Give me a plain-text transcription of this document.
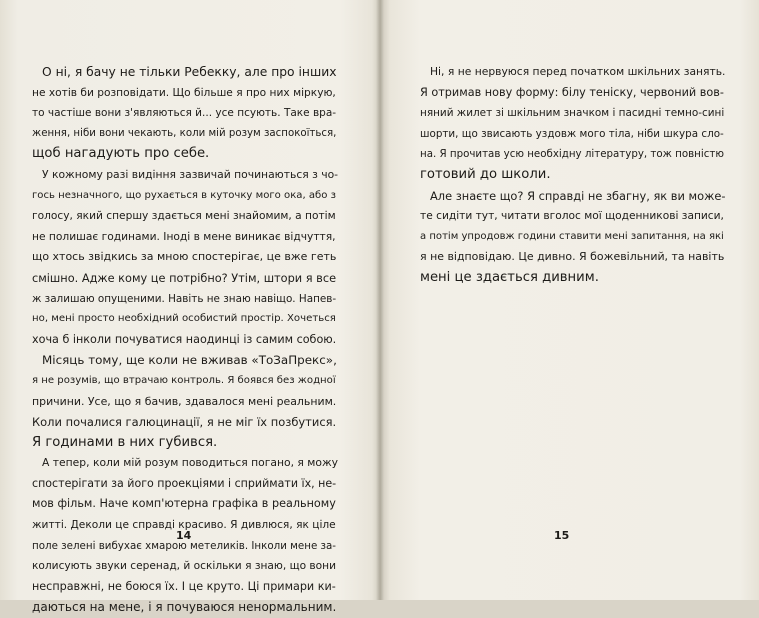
О ні, я бачу не тільки Ребекку, але про інших
не хотів би розповідати. Що більше я про них міркую,
то частіше вони з'являються й... усе псують. Таке вра-
ження, ніби вони чекають, коли мій розум заспокоїться,
щоб нагадують про себе.
У кожному разі видіння зазвичай починаються з чо-
гось незначного, що рухається в куточку мого ока, або з
голосу, який спершу здається мені знайомим, а потім
не полишає годинами. Іноді в мене виникає відчуття,
що хтось звідкись за мною спостерігає, це вже геть
смішно. Адже кому це потрібно? Утім, штори я все
ж залишаю опущеними. Навіть не знаю навіщо. Напев-
но, мені просто необхідний особистий простір. Хочеться
хоча б інколи почуватися наодинці із самим собою.
Місяць тому, ще коли не вживав «ТоЗаПрекс»,
я не розумів, що втрачаю контроль. Я боявся без жодної
причини. Усе, що я бачив, здавалося мені реальним.
Коли почалися галюцинації, я не міг їх позбутися.
Я годинами в них губився.
А тепер, коли мій розум поводиться погано, я можу
спостерігати за його проекціями і сприймати їх, не-
мов фільм. Наче комп'ютерна графіка в реальному
житті. Деколи це справді красиво. Я дивлюся, як ціле
поле зелені вибухає хмарою метеликів. Інколи мене за-
колисують звуки серенад, й оскільки я знаю, що вони
несправжні, не боюся їх. І це круто. Ці примари ки-
даються на мене, і я почуваюся ненормальним.
14
Ні, я не нервуюся перед початком шкільних занять.
Я отримав нову форму: білу теніску, червоний вов-
няний жилет зі шкільним значком і пасидні темно-сині
шорти, що звисають уздовж мого тіла, ніби шкура сло-
на. Я прочитав усю необхідну літературу, тож повністю
готовий до школи.
Але знаєте що? Я справді не збагну, як ви може-
те сидіти тут, читати вголос мої щоденникові записи,
а потім упродовж години ставити мені запитання, на які
я не відповідаю. Це дивно. Я божевільний, та навіть
мені це здається дивним.
15
